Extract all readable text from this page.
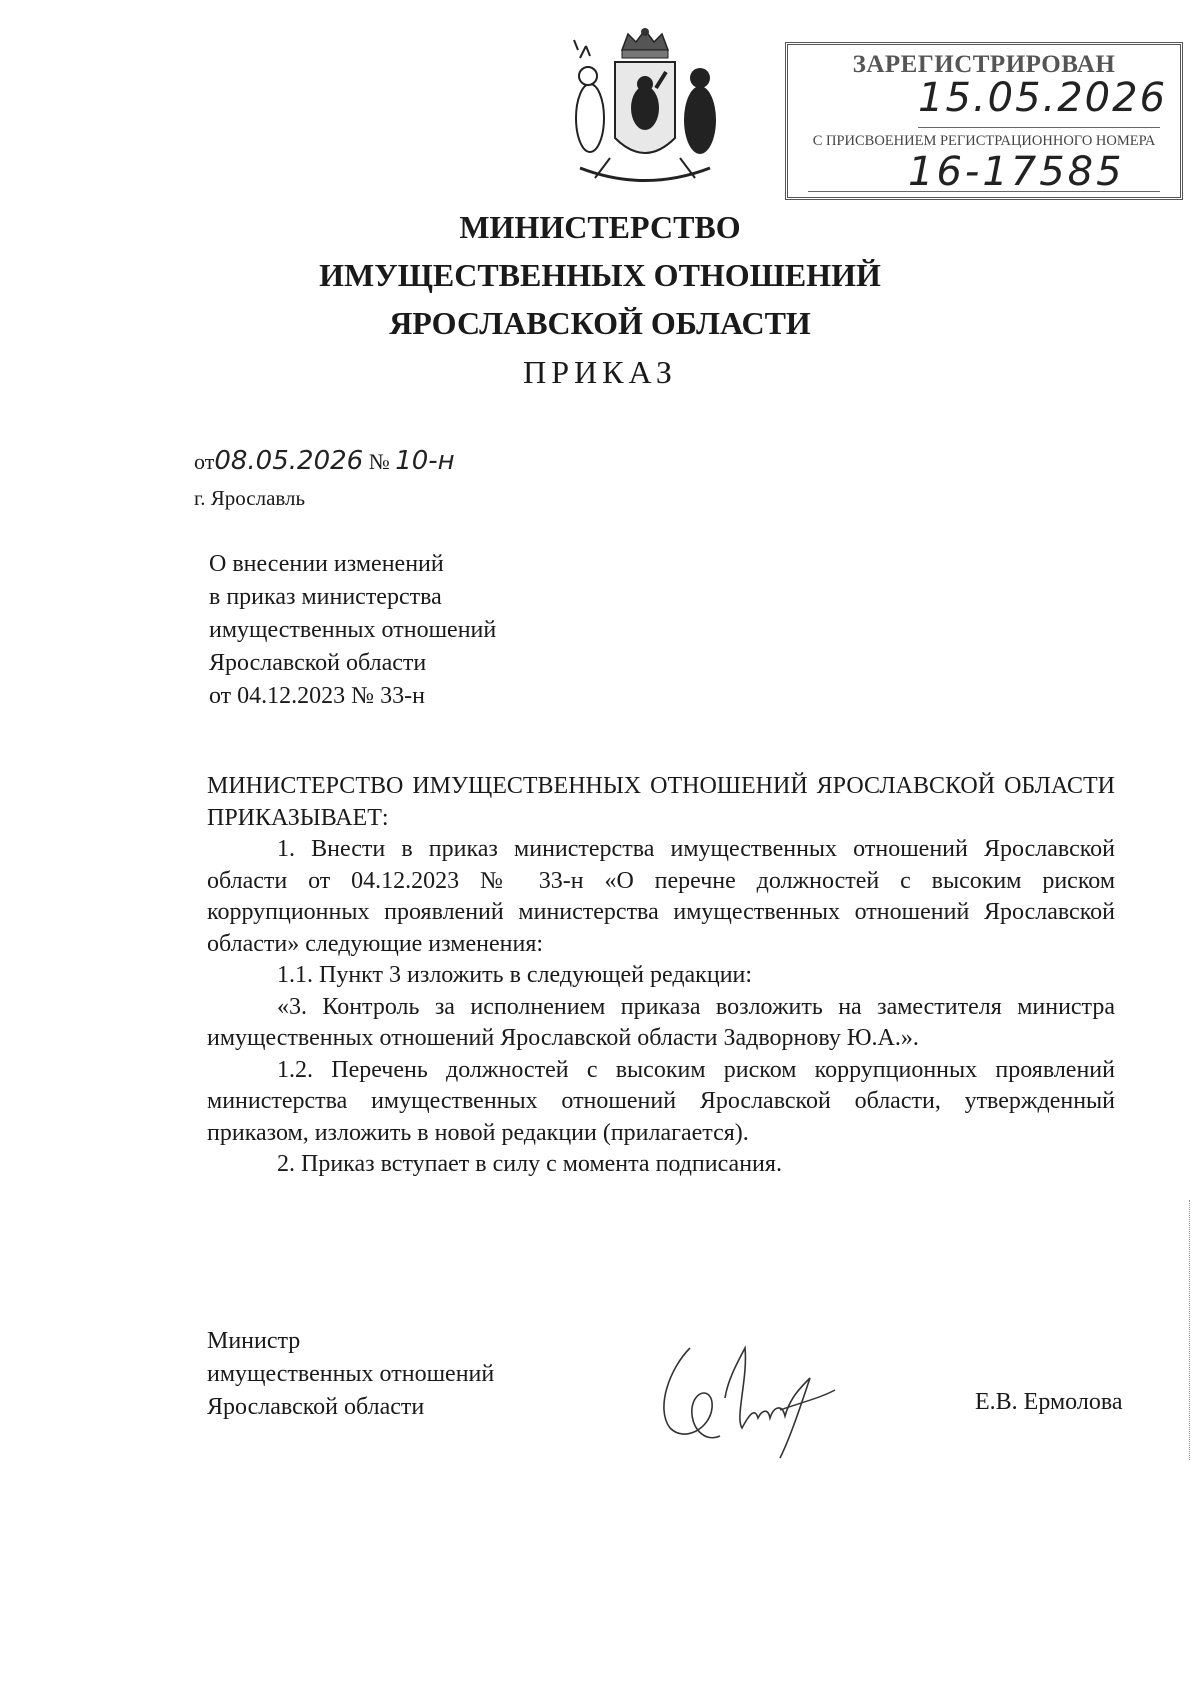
ЗАРЕГИСТРИРОВАН
15.05.2026
С ПРИСВОЕНИЕМ РЕГИСТРАЦИОННОГО НОМЕРА
16-17585
МИНИСТЕРСТВО
ИМУЩЕСТВЕННЫХ ОТНОШЕНИЙ
ЯРОСЛАВСКОЙ ОБЛАСТИ
ПРИКАЗ
от08.05.2026 № 10-н
г. Ярославль
О внесении изменений
в приказ министерства
имущественных отношений
Ярославской области
от 04.12.2023 № 33-н

МИНИСТЕРСТВО ИМУЩЕСТВЕННЫХ ОТНОШЕНИЙ ЯРОСЛАВСКОЙ ОБЛАСТИ ПРИКАЗЫВАЕТ:

1. Внести в приказ министерства имущественных отношений Ярославской области от 04.12.2023 № 33-н «О перечне должностей с высоким риском коррупционных проявлений министерства имущественных отношений Ярославской области» следующие изменения:

1.1. Пункт 3 изложить в следующей редакции:

«3. Контроль за исполнением приказа возложить на заместителя министра имущественных отношений Ярославской области Задворнову Ю.А.».

1.2. Перечень должностей с высоким риском коррупционных проявлений министерства имущественных отношений Ярославской области, утвержденный приказом, изложить в новой редакции (прилагается).

2. Приказ вступает в силу с момента подписания.

Министр
имущественных отношений
Ярославской области	Е.В. Ермолова
